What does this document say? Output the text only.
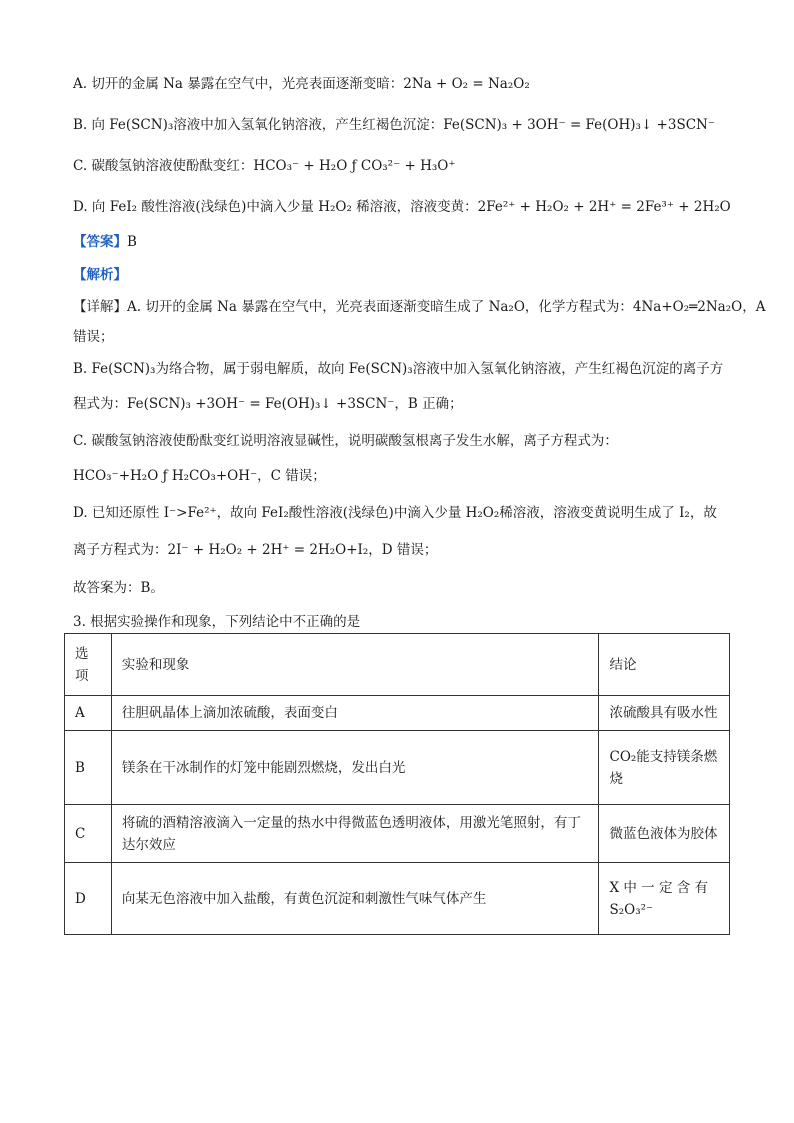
A. 切开的金属 Na 暴露在空气中，光亮表面逐渐变暗：2Na + O₂ = Na₂O₂
B. 向 Fe(SCN)₃溶液中加入氢氧化钠溶液，产生红褐色沉淀：Fe(SCN)₃ + 3OH⁻ = Fe(OH)₃↓ +3SCN⁻
C. 碳酸氢钠溶液使酚酞变红：HCO₃⁻ + H₂O ƒ CO₃²⁻ + H₃O⁺
D. 向 FeI₂ 酸性溶液(浅绿色)中滴入少量 H₂O₂ 稀溶液，溶液变黄：2Fe²⁺ + H₂O₂ + 2H⁺ = 2Fe³⁺ + 2H₂O
【答案】B
【解析】
【详解】A. 切开的金属 Na 暴露在空气中，光亮表面逐渐变暗生成了 Na₂O，化学方程式为：4Na+O₂═2Na₂O，A
错误；
B. Fe(SCN)₃为络合物，属于弱电解质，故向 Fe(SCN)₃溶液中加入氢氧化钠溶液，产生红褐色沉淀的离子方
程式为：Fe(SCN)₃ +3OH⁻ = Fe(OH)₃↓ +3SCN⁻，B 正确；
C. 碳酸氢钠溶液使酚酞变红说明溶液显碱性，说明碳酸氢根离子发生水解，离子方程式为：
HCO₃⁻+H₂O ƒ H₂CO₃+OH⁻，C 错误；
D. 已知还原性 I⁻>Fe²⁺，故向 FeI₂酸性溶液(浅绿色)中滴入少量 H₂O₂稀溶液，溶液变黄说明生成了 I₂，故
离子方程式为：2I⁻ + H₂O₂ + 2H⁺ = 2H₂O+I₂，D 错误；
故答案为：B。
3. 根据实验操作和现象，下列结论中不正确的是
选项	实验和现象	结论
A	往胆矾晶体上滴加浓硫酸，表面变白	浓硫酸具有吸水性
B	镁条在干冰制作的灯笼中能剧烈燃烧，发出白光	CO₂能支持镁条燃烧
C	将硫的酒精溶液滴入一定量的热水中得微蓝色透明液体，用激光笔照射，有丁达尔效应	微蓝色液体为胶体
D	向某无色溶液中加入盐酸，有黄色沉淀和刺激性气味气体产生	X 中 一 定 含 有 S₂O₃²⁻
